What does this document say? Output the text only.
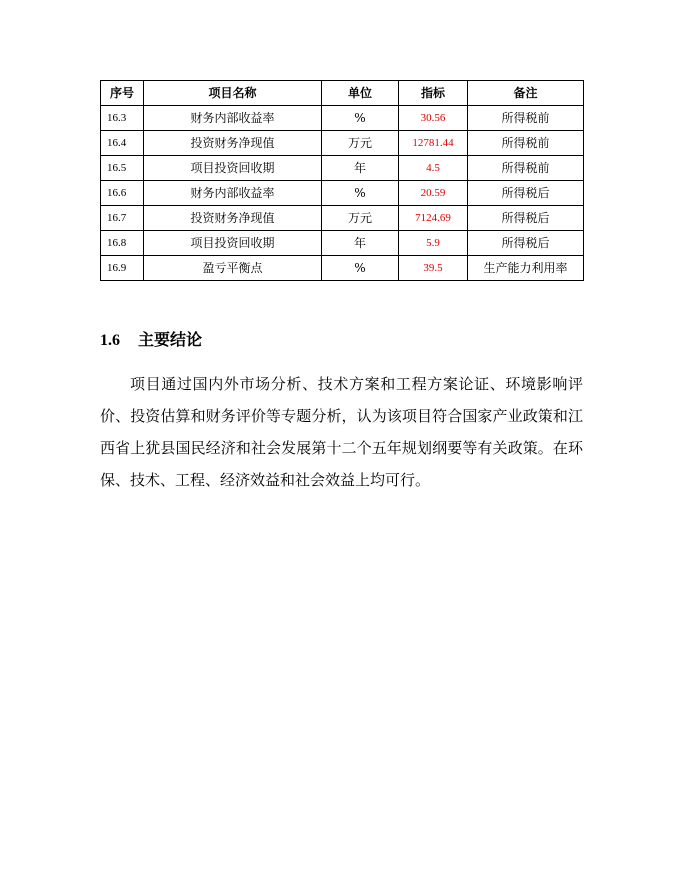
序号	项目名称	单位	指标	备注
16.3	财务内部收益率	%	30.56	所得税前
16.4	投资财务净现值	万元	12781.44	所得税前
16.5	项目投资回收期	年	4.5	所得税前
16.6	财务内部收益率	%	20.59	所得税后
16.7	投资财务净现值	万元	7124.69	所得税后
16.8	项目投资回收期	年	5.9	所得税后
16.9	盈亏平衡点	%	39.5	生产能力利用率
1.6 主要结论

项目通过国内外市场分析、技术方案和工程方案论证、环境影响评价、投资估算和财务评价等专题分析，认为该项目符合国家产业政策和江西省上犹县国民经济和社会发展第十二个五年规划纲要等有关政策。在环保、技术、工程、经济效益和社会效益上均可行。
